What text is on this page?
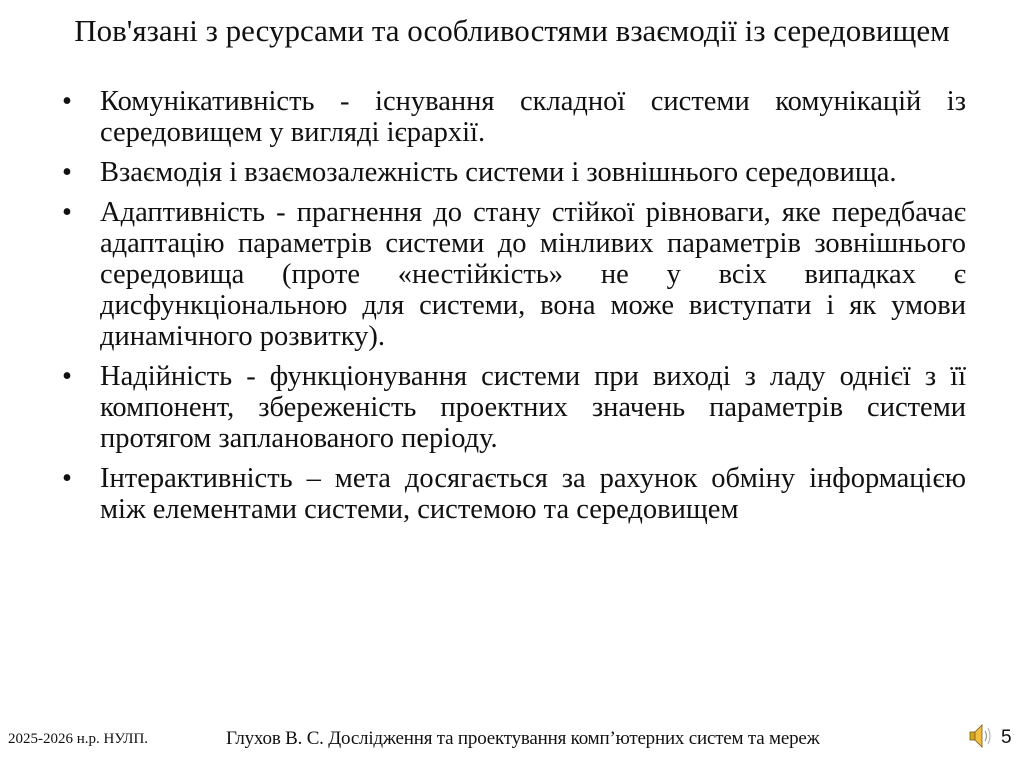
Пов'язані з ресурсами та особливостями взаємодії із середовищем
• Комунікативність - існування складної системи комунікацій із середовищем у вигляді ієрархії.
• Взаємодія і взаємозалежність системи і зовнішнього середовища.
• Адаптивність - прагнення до стану стійкої рівноваги, яке передбачає адаптацію параметрів системи до мінливих параметрів зовнішнього середовища (проте «нестійкість» не у всіх випадках є дисфункціональною для системи, вона може виступати і як умови динамічного розвитку).
• Надійність - функціонування системи при виході з ладу однієї з її компонент, збереженість проектних значень параметрів системи протягом запланованого періоду.
• Інтерактивність – мета досягається за рахунок обміну інформацією між елементами системи, системою та середовищем
2025-2026 н.р. НУЛП.	Глухов В. С. Дослідження та проектування комп’ютерних систем та мереж	5
